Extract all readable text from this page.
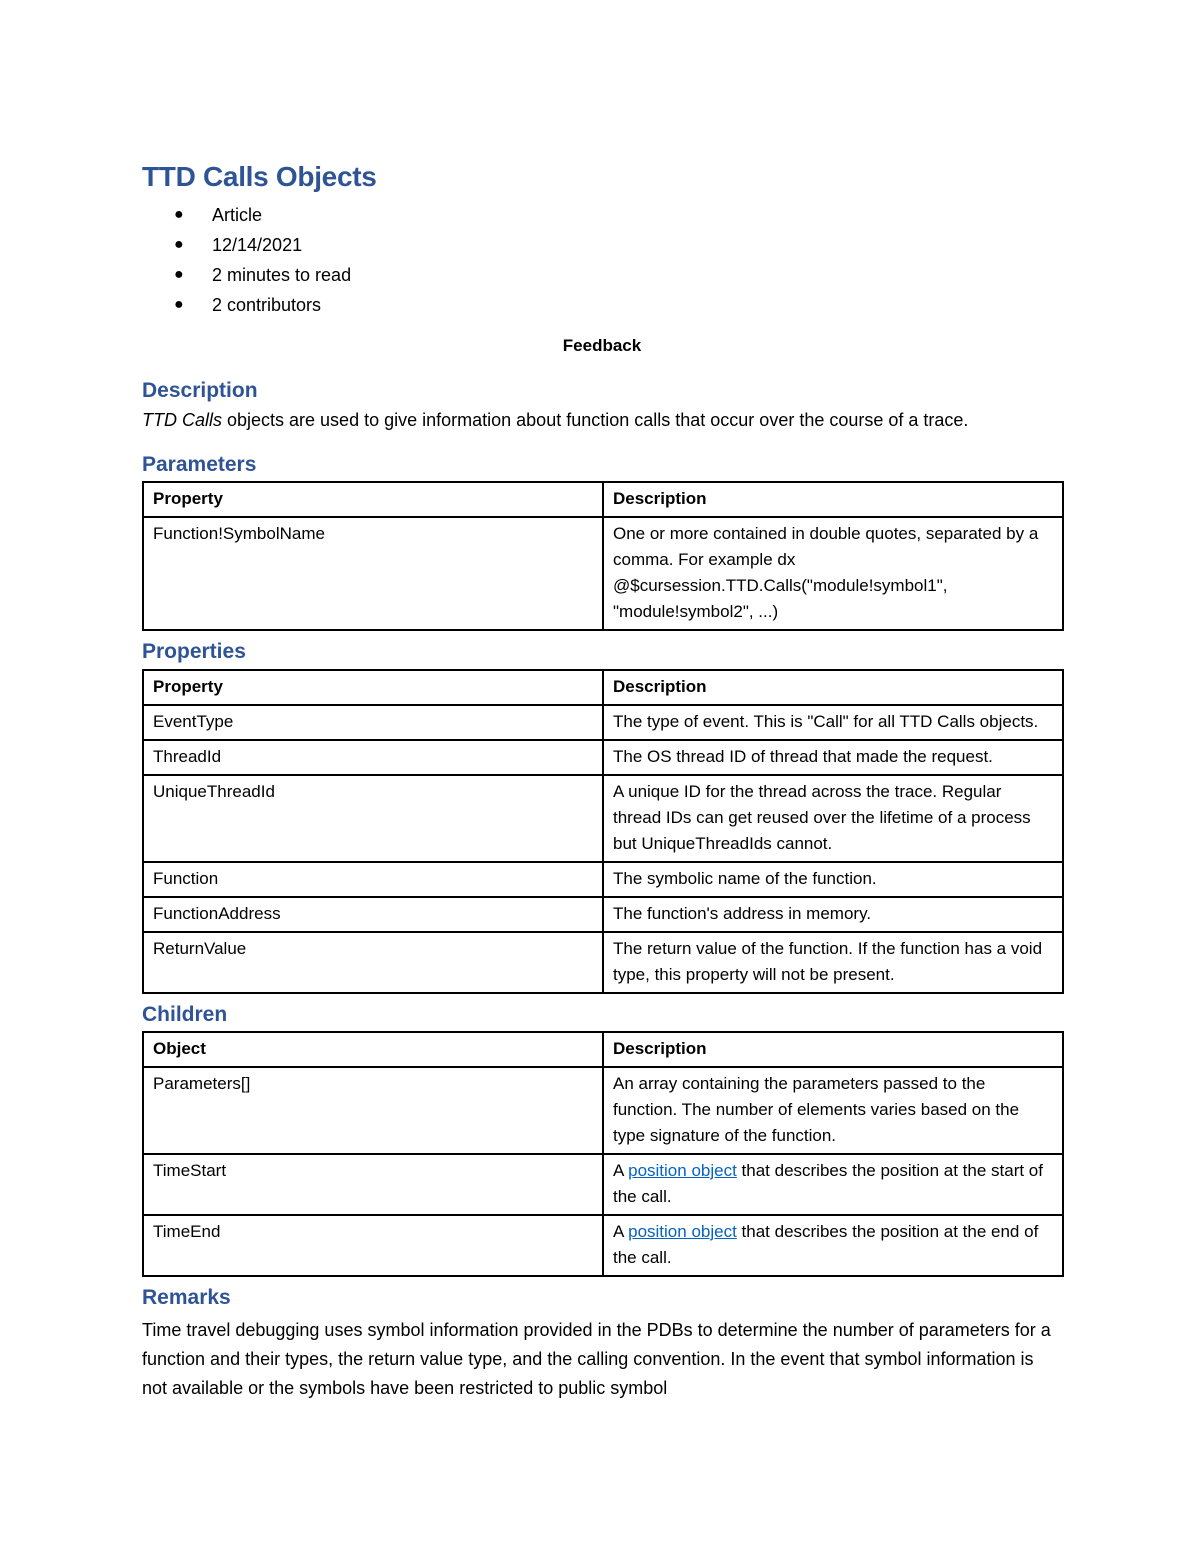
TTD Calls Objects
● Article
● 12/14/2021
● 2 minutes to read
● 2 contributors
Feedback
Description

TTD Calls objects are used to give information about function calls that occur over the course of a trace.

Parameters
Property	Description
Function!SymbolName	One or more contained in double quotes, separated by a comma. For example dx @$cursession.TTD.Calls("module!symbol1", "module!symbol2", ...)
Properties
Property	Description
EventType	The type of event. This is "Call" for all TTD Calls objects.
ThreadId	The OS thread ID of thread that made the request.
UniqueThreadId	A unique ID for the thread across the trace. Regular thread IDs can get reused over the lifetime of a process but UniqueThreadIds cannot.
Function	The symbolic name of the function.
FunctionAddress	The function's address in memory.
ReturnValue	The return value of the function. If the function has a void type, this property will not be present.
Children
Object	Description
Parameters[]	An array containing the parameters passed to the function. The number of elements varies based on the type signature of the function.
TimeStart	A position object that describes the position at the start of the call.
TimeEnd	A position object that describes the position at the end of the call.
Remarks

Time travel debugging uses symbol information provided in the PDBs to determine the number of parameters for a function and their types, the return value type, and the calling convention. In the event that symbol information is not available or the symbols have been restricted to public symbol
